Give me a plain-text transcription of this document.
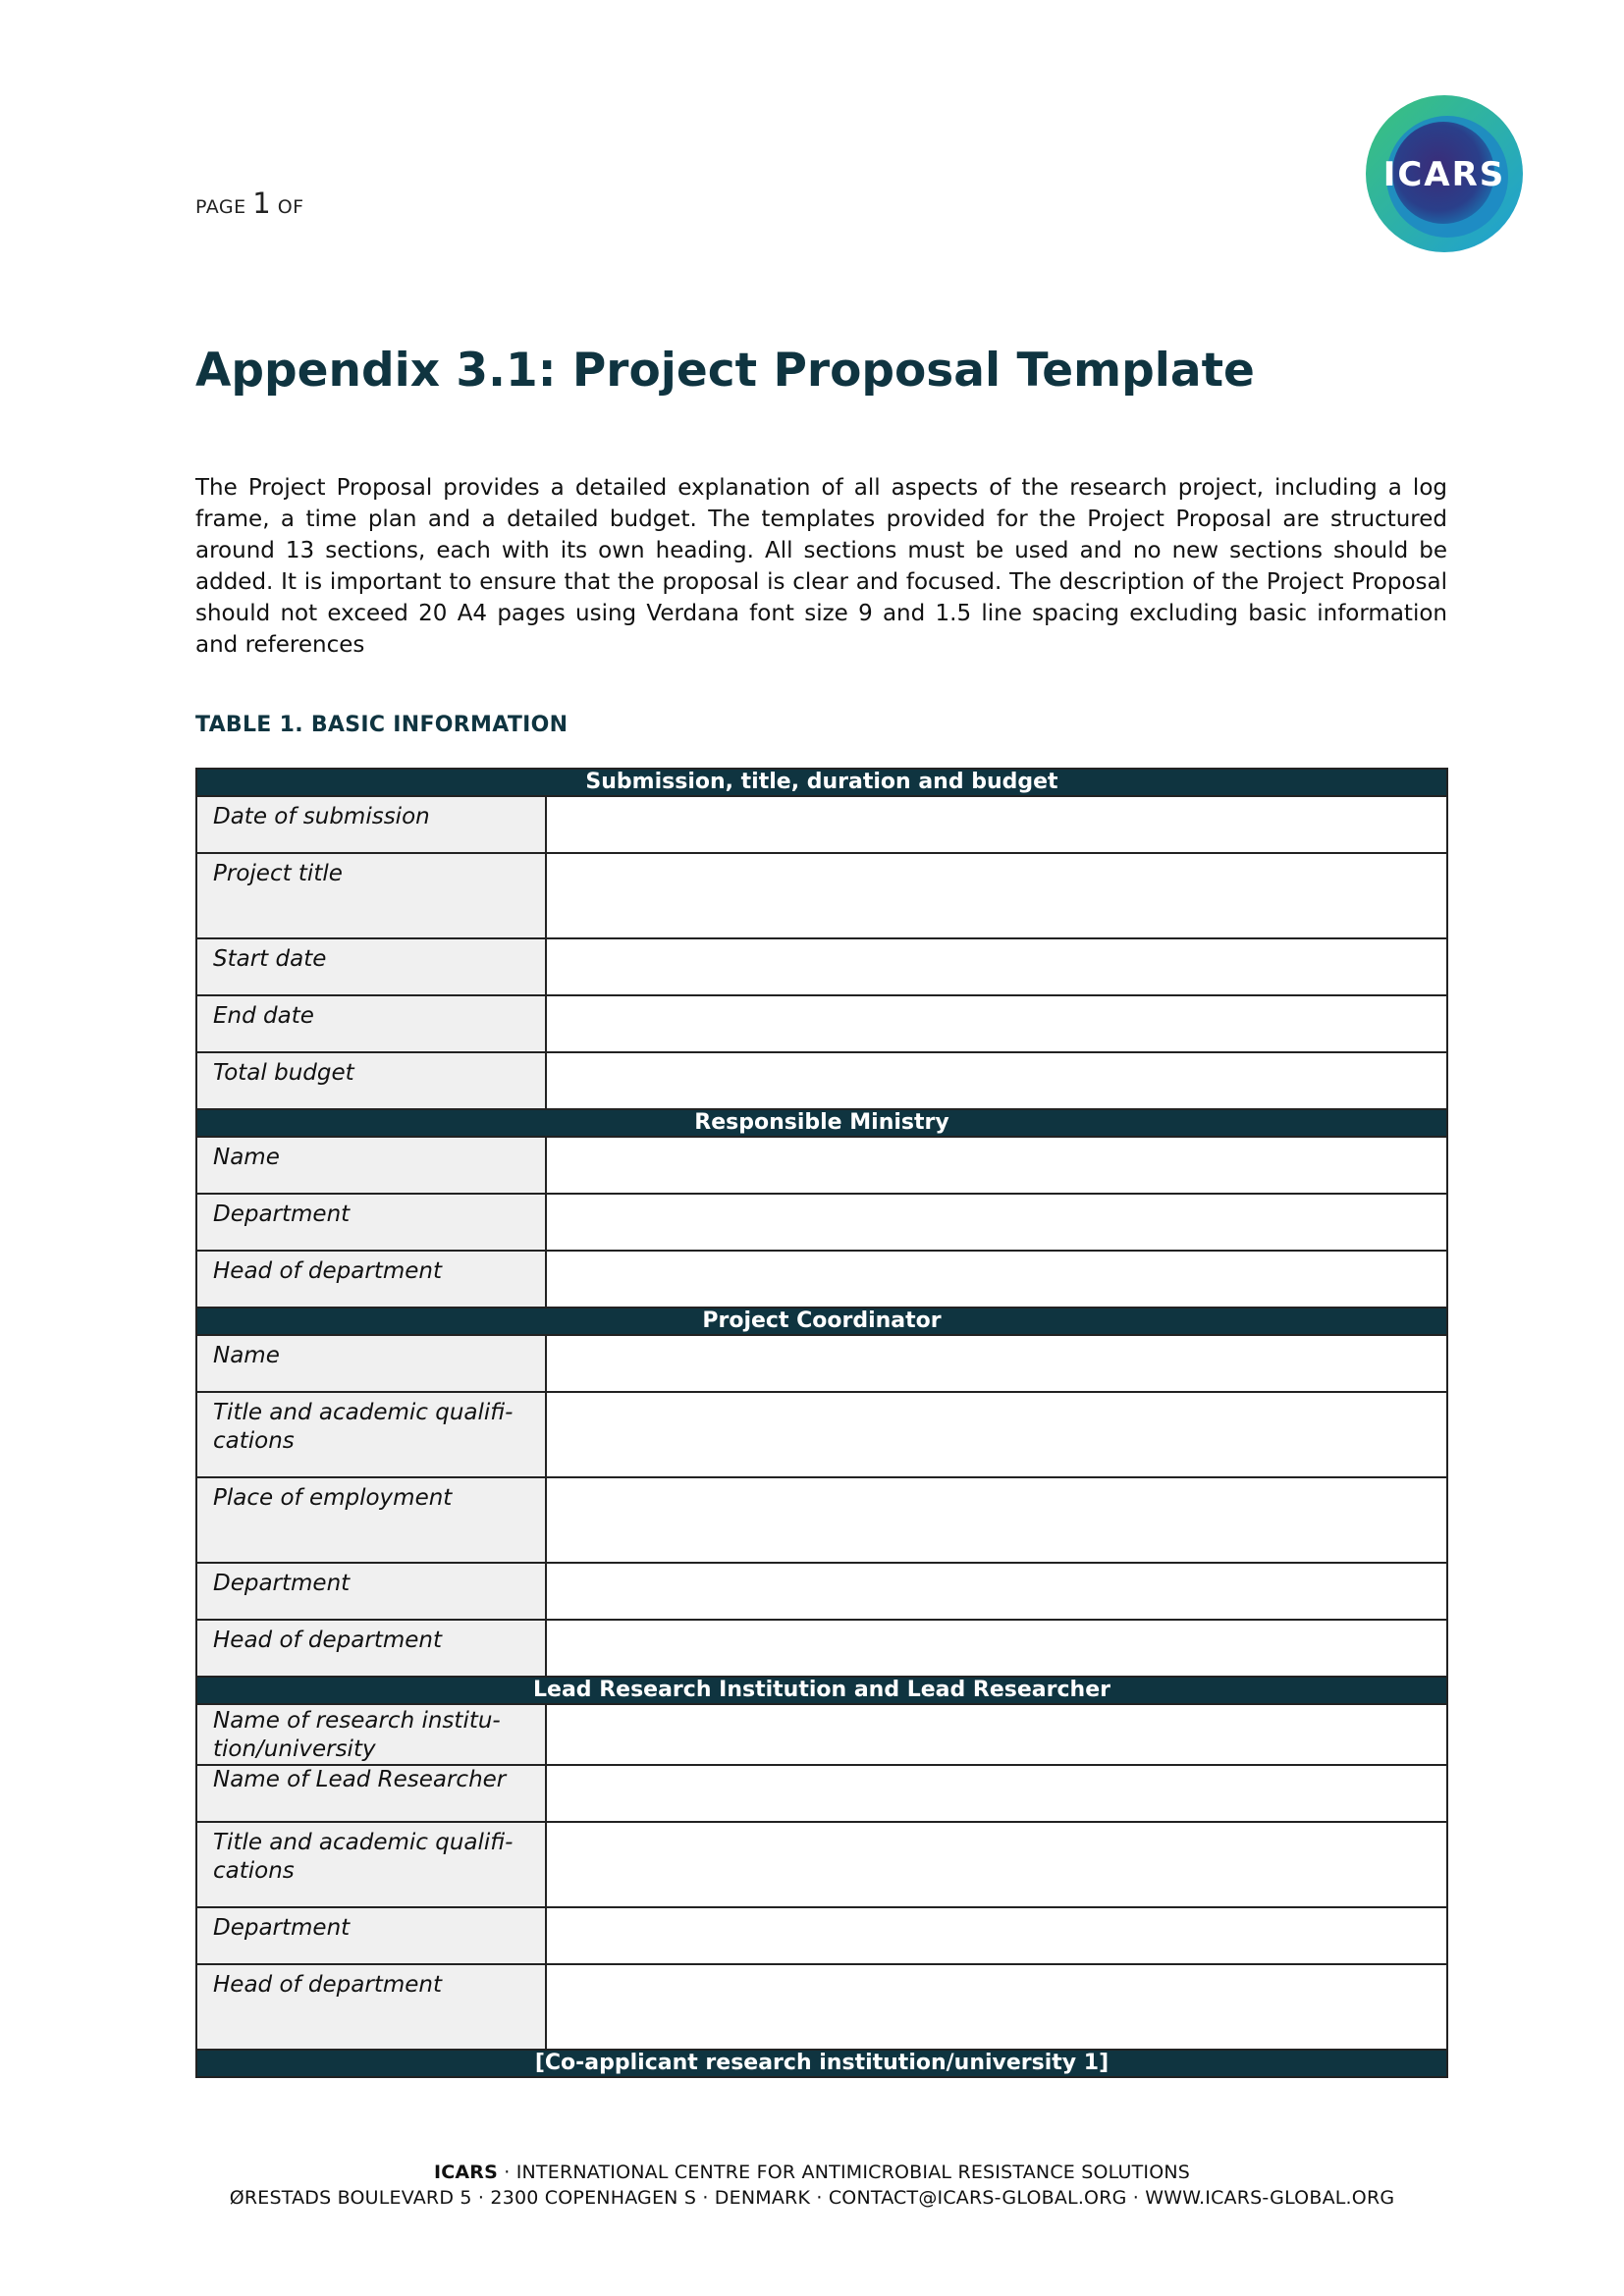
PAGE 1 OF
ICARS
Appendix 3.1: Project Proposal Template

The Project Proposal provides a detailed explanation of all aspects of the research project, including a log frame, a time plan and a detailed budget. The templates provided for the Project Proposal are structured around 13 sections, each with its own heading. All sections must be used and no new sections should be added. It is important to ensure that the proposal is clear and focused. The description of the Project Proposal should not exceed 20 A4 pages using Verdana font size 9 and 1.5 line spacing excluding basic information and references

TABLE 1. BASIC INFORMATION
Submission, title, duration and budget	
Date of submission	
Project title	
Start date	
End date	
Total budget	
Responsible Ministry	
Name	
Department	
Head of department	
Project Coordinator	
Name	
Title and academic qualifi-cations	
Place of employment	
Department	
Head of department	
Lead Research Institution and Lead Researcher	
Name of research institu-tion/university	
Name of Lead Researcher	
Title and academic qualifi-cations	
Department	
Head of department	
[Co-applicant research institution/university 1]	
ICARS · INTERNATIONAL CENTRE FOR ANTIMICROBIAL RESISTANCE SOLUTIONS
ØRESTADS BOULEVARD 5 · 2300 COPENHAGEN S · DENMARK · CONTACT@ICARS-GLOBAL.ORG · WWW.ICARS-GLOBAL.ORG
